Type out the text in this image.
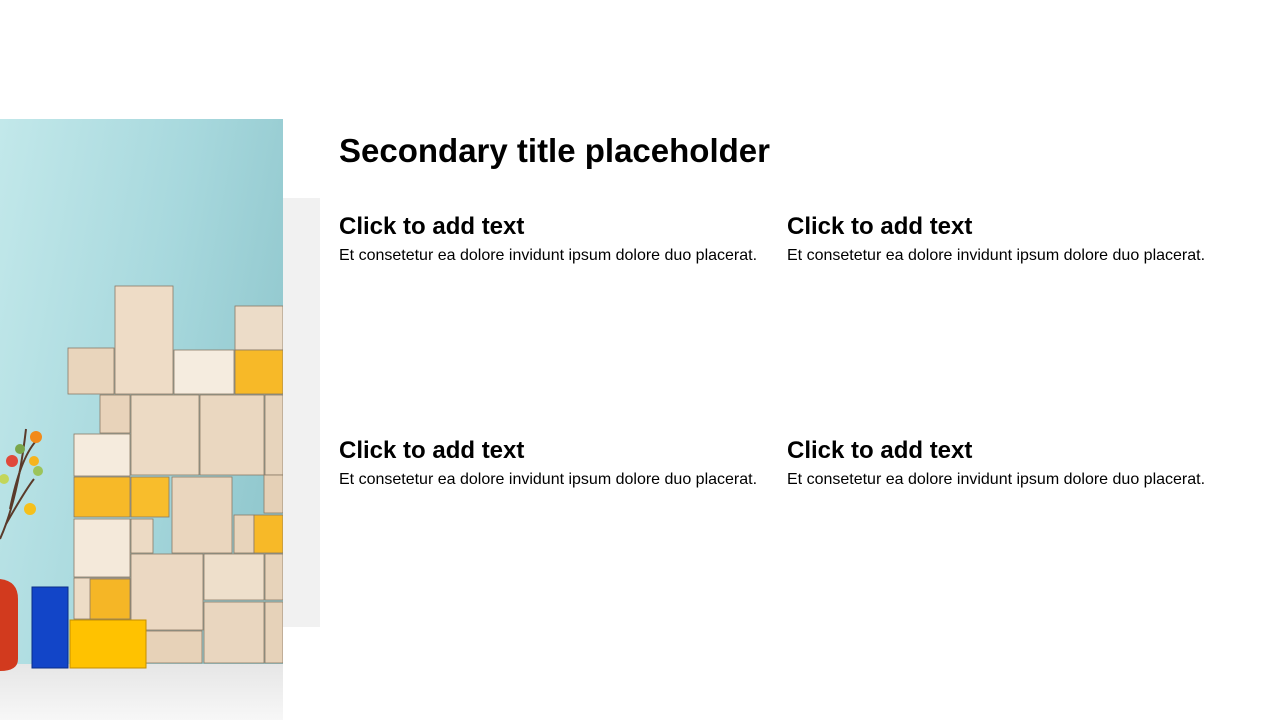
Secondary title placeholder
Click to add text
Et consetetur ea dolore invidunt ipsum dolore duo placerat.
Click to add text
Et consetetur ea dolore invidunt ipsum dolore duo placerat.
Click to add text
Et consetetur ea dolore invidunt ipsum dolore duo placerat.
Click to add text
Et consetetur ea dolore invidunt ipsum dolore duo placerat.
